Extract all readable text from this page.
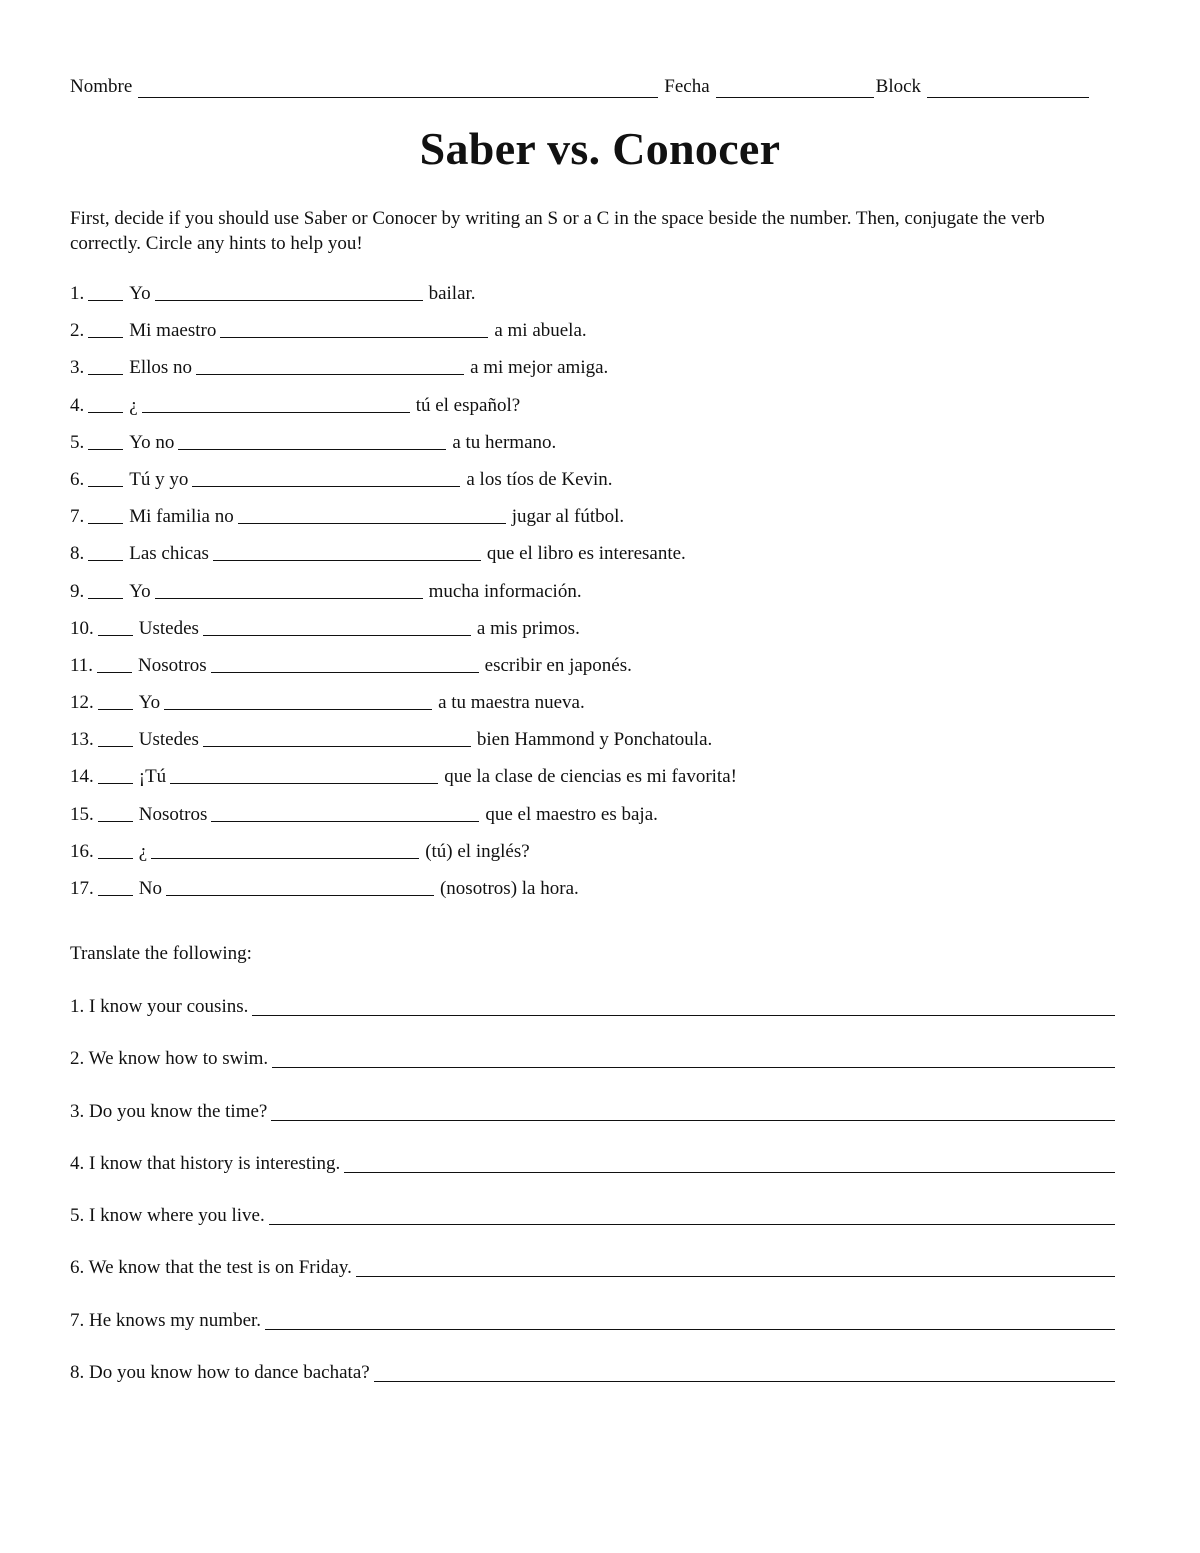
Nombre	Fecha	Block
Saber vs. Conocer
First, decide if you should use Saber or Conocer by writing an S or a C in the space beside the number. Then, conjugate the verb correctly. Circle any hints to help you!
1. Yo	bailar.
2. Mi maestro	a mi abuela.
3. Ellos no	a mi mejor amiga.
4. ¿	tú el español?
5. Yo no	a tu hermano.
6. Tú y yo	a los tíos de Kevin.
7. Mi familia no	jugar al fútbol.
8. Las chicas	que el libro es interesante.
9. Yo	mucha información.
10. Ustedes	a mis primos.
11. Nosotros	escribir en japonés.
12. Yo	a tu maestra nueva.
13. Ustedes	bien Hammond y Ponchatoula.
14. ¡Tú	que la clase de ciencias es mi favorita!
15. Nosotros	que el maestro es baja.
16. ¿	(tú) el inglés?
17. No	(nosotros) la hora.
Translate the following:
1. I know your cousins.
2. We know how to swim.
3. Do you know the time?
4. I know that history is interesting.
5. I know where you live.
6. We know that the test is on Friday.
7. He knows my number.
8. Do you know how to dance bachata?
